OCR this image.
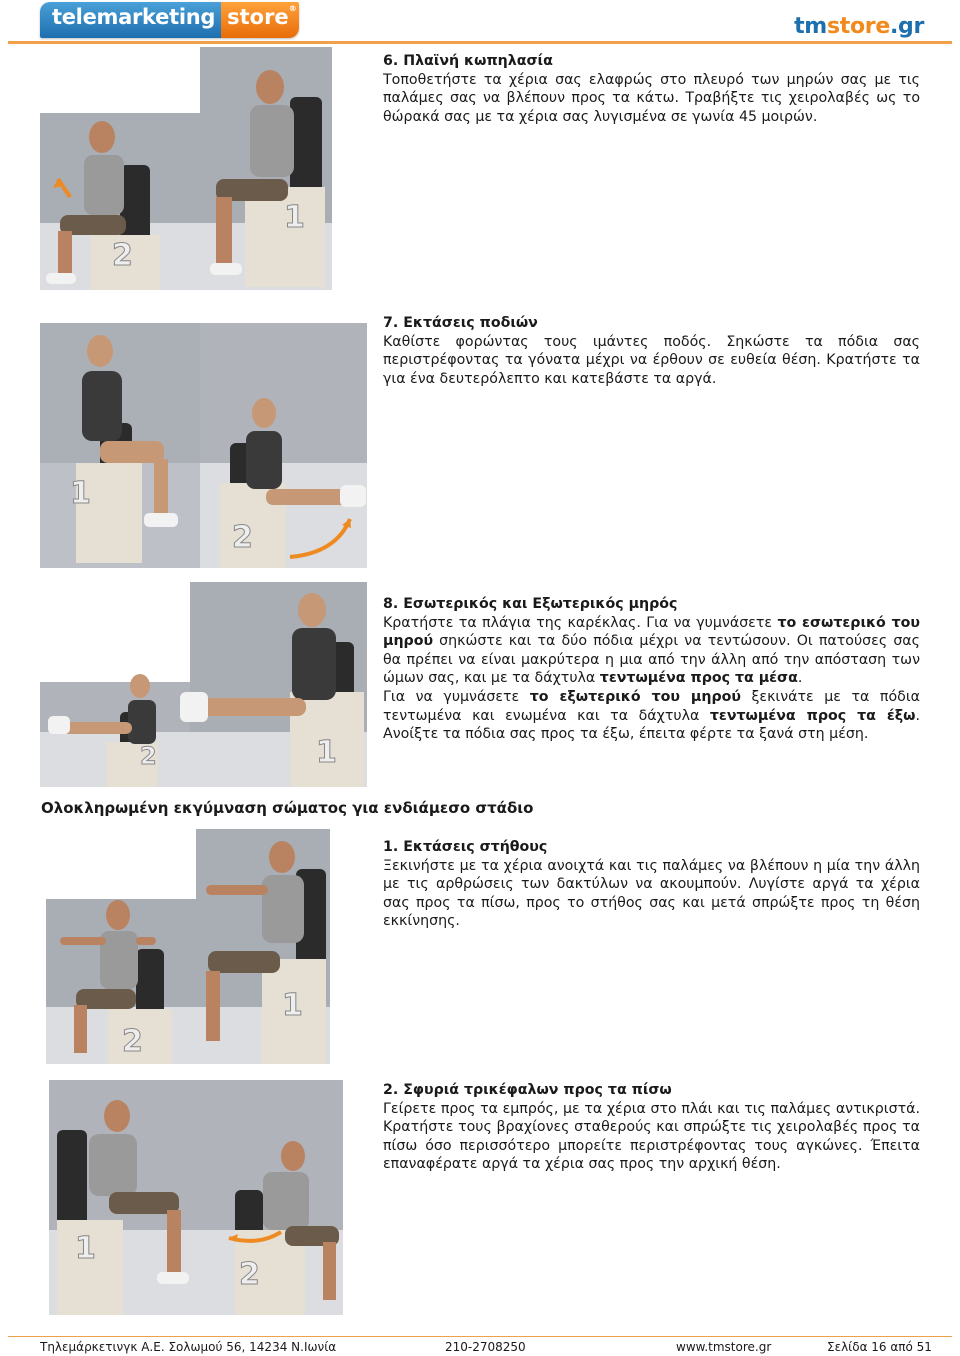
telemarketing store ®
tmstore.gr
1
2
6. Πλαϊνή κωπηλασία

Τοποθετήστε τα χέρια σας ελαφρώς στο πλευρό των μηρών σας με τις παλάμες σας να βλέπουν προς τα κάτω. Τραβήξτε τις χειρολαβές ως το θώρακά σας με τα χέρια σας λυγισμένα σε γωνία 45 μοιρών.

1
2
7. Εκτάσεις ποδιών

Καθίστε φορώντας τους ιμάντες ποδός. Σηκώστε τα πόδια σας περιστρέφοντας τα γόνατα μέχρι να έρθουν σε ευθεία θέση. Κρατήστε τα για ένα δευτερόλεπτο και κατεβάστε τα αργά.

2	1
8. Εσωτερικός και Εξωτερικός μηρός

Κρατήστε τα πλάγια της καρέκλας. Για να γυμνάσετε το εσωτερικό του μηρού σηκώστε και τα δύο πόδια μέχρι να τεντώσουν. Οι πατούσες σας θα πρέπει να είναι μακρύτερα η μια από την άλλη από την απόσταση των ώμων σας, και με τα δάχτυλα τεντωμένα προς τα μέσα.

Για να γυμνάσετε το εξωτερικό του μηρού ξεκινάτε με τα πόδια τεντωμένα και ενωμένα και τα δάχτυλα τεντωμένα προς τα έξω. Ανοίξτε τα πόδια σας προς τα έξω, έπειτα φέρτε τα ξανά στη μέση.

Ολοκληρωμένη εκγύμναση σώματος για ενδιάμεσο στάδιο
1
2
1. Εκτάσεις στήθους

Ξεκινήστε με τα χέρια ανοιχτά και τις παλάμες να βλέπουν η μία την άλλη με τις αρθρώσεις των δακτύλων να ακουμπούν. Λυγίστε αργά τα χέρια σας προς τα πίσω, προς το στήθος σας και μετά σπρώξτε προς τη θέση εκκίνησης.

1
2
2. Σφυριά τρικέφαλων προς τα πίσω

Γείρετε προς τα εμπρός, με τα χέρια στο πλάι και τις παλάμες αντικριστά. Κρατήστε τους βραχίονες σταθερούς και σπρώξτε τις χειρολαβές προς τα πίσω όσο περισσότερο μπορείτε περιστρέφοντας τους αγκώνες. Έπειτα επαναφέρατε αργά τα χέρια σας προς την αρχική θέση.

Τηλεμάρκετινγκ Α.Ε. Σολωμού 56, 14234 Ν.Ιωνία	210-2708250	www.tmstore.gr	Σελίδα 16 από 51
